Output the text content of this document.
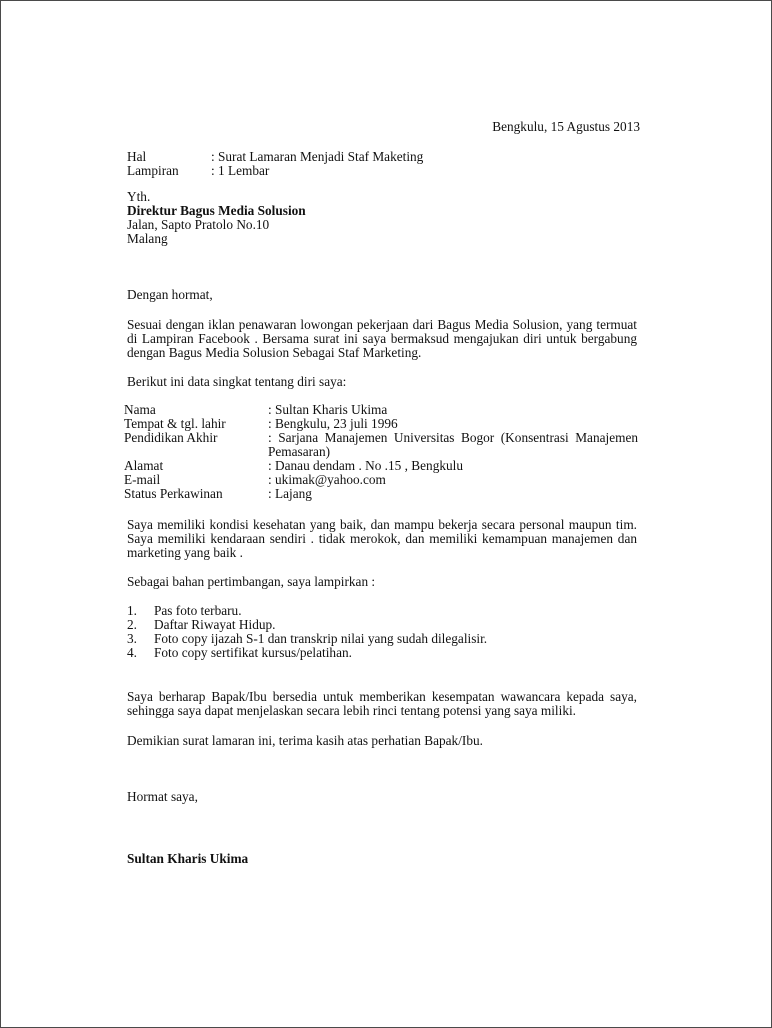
Bengkulu, 15 Agustus 2013
Hal	: Surat Lamaran Menjadi Staf Maketing
Lampiran	: 1 Lembar
Yth.
Direktur Bagus Media Solusion
Jalan, Sapto Pratolo No.10
Malang
Dengan hormat,
Sesuai dengan iklan penawaran lowongan pekerjaan dari Bagus Media Solusion, yang termuat di Lampiran Facebook . Bersama surat ini saya bermaksud mengajukan diri untuk bergabung dengan Bagus Media Solusion Sebagai Staf Marketing.
Berikut ini data singkat tentang diri saya:
Nama	: Sultan Kharis Ukima
Tempat & tgl. lahir	: Bengkulu, 23 juli 1996
Pendidikan Akhir	: Sarjana Manajemen Universitas Bogor (Konsentrasi Manajemen Pemasaran)
Alamat	: Danau dendam . No .15 , Bengkulu
E-mail	: ukimak@yahoo.com
Status Perkawinan	: Lajang
Saya memiliki kondisi kesehatan yang baik, dan mampu bekerja secara personal maupun tim. Saya memiliki kendaraan sendiri . tidak merokok, dan memiliki kemampuan manajemen dan marketing yang baik .
Sebagai bahan pertimbangan, saya lampirkan :
1.	Pas foto terbaru.
2.	Daftar Riwayat Hidup.
3.	Foto copy ijazah S-1 dan transkrip nilai yang sudah dilegalisir.
4.	Foto copy sertifikat kursus/pelatihan.
Saya berharap Bapak/Ibu bersedia untuk memberikan kesempatan wawancara kepada saya, sehingga saya dapat menjelaskan secara lebih rinci tentang potensi yang saya miliki.
Demikian surat lamaran ini, terima kasih atas perhatian Bapak/Ibu.
Hormat saya,
Sultan Kharis Ukima
